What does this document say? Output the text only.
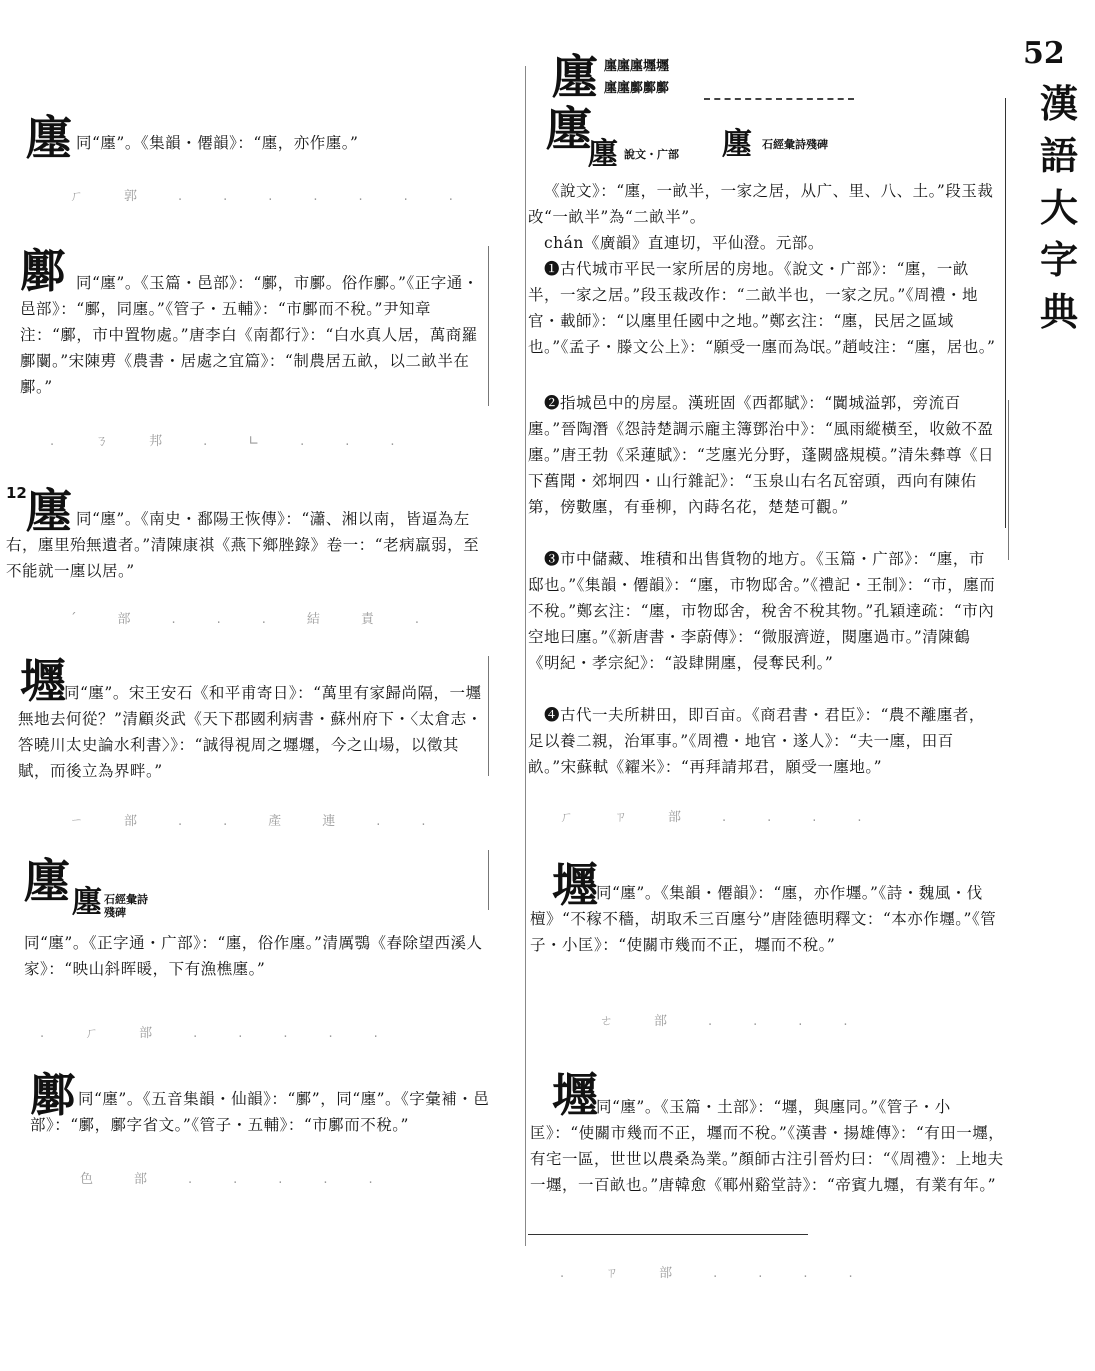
52
漢語大字典
廛 同“廛”。《集韻・僊韻》：“廛，亦作廛。”
ㄏ　郭　.　.　.　.　.　.　.
鄽 同“廛”。《玉篇・邑部》：“鄽，市鄽。俗作鄽。”《正字通・邑部》：“鄽，同廛。”《管子・五輔》：“市鄽而不稅。”尹知章注：“鄽，市中置物處。”唐李白《南都行》：“白水真人居，萬商羅鄽闤。”宋陳旉《農書・居處之宜篇》：“制農居五畝，以二畝半在鄽。”
.　ㄋ　邦　.　∟　.　.　.
12 廛 同“廛”。《南史・鄱陽王恢傳》：“瀟、湘以南，皆逼為左右，廛里殆無遺者。”清陳康祺《燕下鄉脞錄》卷一：“老病羸弱，至不能就一廛以居。”
ˊ　部　.　.　.　結　責　.
壥
同“廛”。宋王安石《和平甫寄日》：“萬里有家歸尚隔，一壥無地去何從？”清顧炎武《天下郡國利病書・蘇州府下・〈太倉志・答曉川太史論水利書〉》：“誠得視周之壥壥，今之山場，以徵其賦，而後立為界畔。”
ㄧ　部　.　.　產　連　.　.
廛 廛 石經彙詩殘碑
同“廛”。《正字通・广部》：“廛，俗作廛。”清厲鶚《春除望西溪人家》：“映山斜晖暖，下有漁樵廛。”
.　ㄏ　部　.　.　.　.　.
鄽 同“廛”。《五音集韻・仙韻》：“鄽”，同“廛”。《字彙補・邑部》：“鄽，鄽字省文。”《管子・五輔》：“市鄽而不稅。”
色　部　.　.　.　.　.
廛 廛廛廛壥壥
廛廛鄽鄽鄽
廛
廛 說文・广部	廛 石經彙詩殘碑
《說文》：“廛，一畝半，一家之居，从广、里、八、土。”段玉裁改“一畝半”為“二畝半”。
chán《廣韻》直連切，平仙澄。元部。
❶古代城市平民一家所居的房地。《說文・广部》：“廛，一畝半，一家之居。”段玉裁改作：“二畝半也，一家之尻。”《周禮・地官・載師》：“以廛里任國中之地。”鄭玄注：“廛，民居之區域也。”《孟子・滕文公上》：“願受一廛而為氓。”趙岐注：“廛，居也。”
❷指城邑中的房屋。漢班固《西都賦》：“闐城溢郭，旁流百廛。”晉陶潛《怨詩楚調示龐主簿鄧治中》：“風雨縱橫至，收斂不盈廛。”唐王勃《采蓮賦》：“芝廛光分野，蓬闕盛規模。”清朱彝尊《日下舊聞・郊坰四・山行雜記》：“玉泉山右名瓦窑頭，西向有陳佑第，傍數廛，有垂柳，內蒔名花，楚楚可觀。”
❸市中儲藏、堆積和出售貨物的地方。《玉篇・广部》：“廛，市邸也。”《集韻・僊韻》：“廛，市物邸舍。”《禮記・王制》：“市，廛而不稅。”鄭玄注：“廛，市物邸舍，稅舍不稅其物。”孔穎達疏：“市內空地曰廛。”《新唐書・李蔚傳》：“微服濟遊，閱廛過市。”清陳鶴《明紀・孝宗紀》：“設肆開廛，侵奪民利。”
❹古代一夫所耕田，即百亩。《商君書・君臣》：“農不離廛者，足以養二親，治軍事。”《周禮・地官・遂人》：“夫一廛，田百畝。”宋蘇軾《糴米》：“再拜請邦君，願受一廛地。”
ㄏ　ㄗ　部　.　.　.　.
壥
同“廛”。《集韻・僊韻》：“廛，亦作壥。”《詩・魏風・伐檀》“不稼不穡，胡取禾三百廛兮”唐陸德明釋文：“本亦作壥。”《管子・小匡》：“使關市幾而不正，壥而不稅。”
ㄜ　部　.　.　.　.
壥
同“廛”。《玉篇・土部》：“壥，與廛同。”《管子・小匡》：“使關市幾而不正，壥而不稅。”《漢書・揚雄傳》：“有田一壥，有宅一區，世世以農桑為業。”顏師古注引晉灼曰：“《周禮》：上地夫一壥，一百畝也。”唐韓愈《鄆州谿堂詩》：“帝賓九壥，有業有年。”
.　ㄗ　部　.　.　.　.
